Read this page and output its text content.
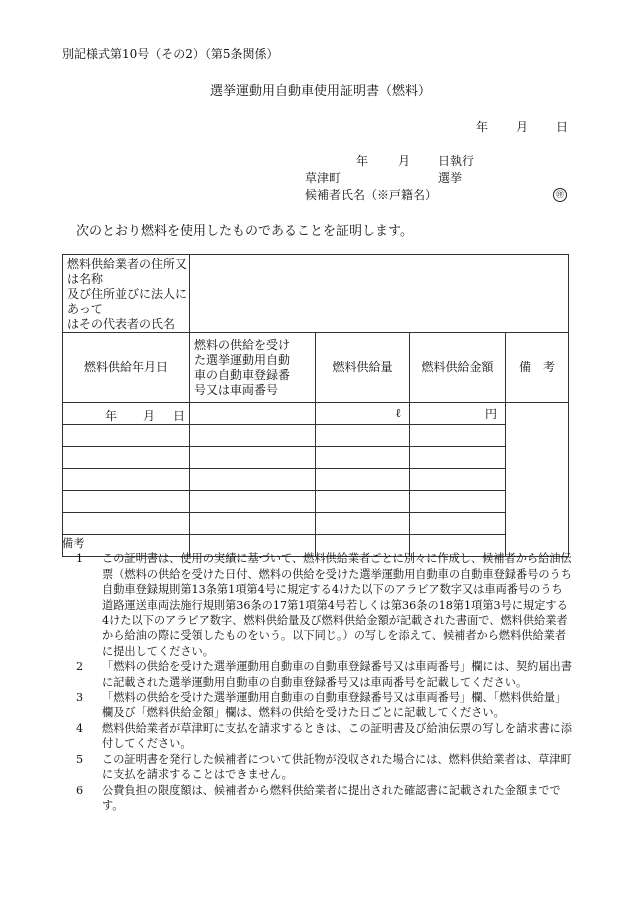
別記様式第10号（その2）（第5条関係）
選挙運動用自動車使用証明書（燃料）
年 月 日
年 月 日執行
草津町	選挙
候補者氏名（※戸籍名）	㊞
次のとおり燃料を使用したものであることを証明します。
燃料供給業者の住所又は名称
及び住所並びに法人にあって
はその代表者の氏名				

燃料供給年月日	燃料の供給を受け
た選挙運動用自動
車の自動車登録番
号又は車両番号	燃料供給量	燃料供給金額	備　考

年 月 日		ℓ	円	

備考
1	この証明書は、使用の実績に基づいて、燃料供給業者ごとに別々に作成し、候補者から給油伝票（燃料の供給を受けた日付、燃料の供給を受けた選挙運動用自動車の自動車登録番号のうち自動車登録規則第13条第1項第4号に規定する4けた以下のアラビア数字又は車両番号のうち道路運送車両法施行規則第36条の17第1項第4号若しくは第36条の18第1項第3号に規定する4けた以下のアラビア数字、燃料供給量及び燃料供給金額が記載された書面で、燃料供給業者から給油の際に受領したものをいう。以下同じ。）の写しを添えて、候補者から燃料供給業者に提出してください。
2	「燃料の供給を受けた選挙運動用自動車の自動車登録番号又は車両番号」欄には、契約届出書に記載された選挙運動用自動車の自動車登録番号又は車両番号を記載してください。
3	「燃料の供給を受けた選挙運動用自動車の自動車登録番号又は車両番号」欄、「燃料供給量」欄及び「燃料供給金額」欄は、燃料の供給を受けた日ごとに記載してください。
4	燃料供給業者が草津町に支払を請求するときは、この証明書及び給油伝票の写しを請求書に添付してください。
5	この証明書を発行した候補者について供託物が没収された場合には、燃料供給業者は、草津町に支払を請求することはできません。
6	公費負担の限度額は、候補者から燃料供給業者に提出された確認書に記載された金額までです。
